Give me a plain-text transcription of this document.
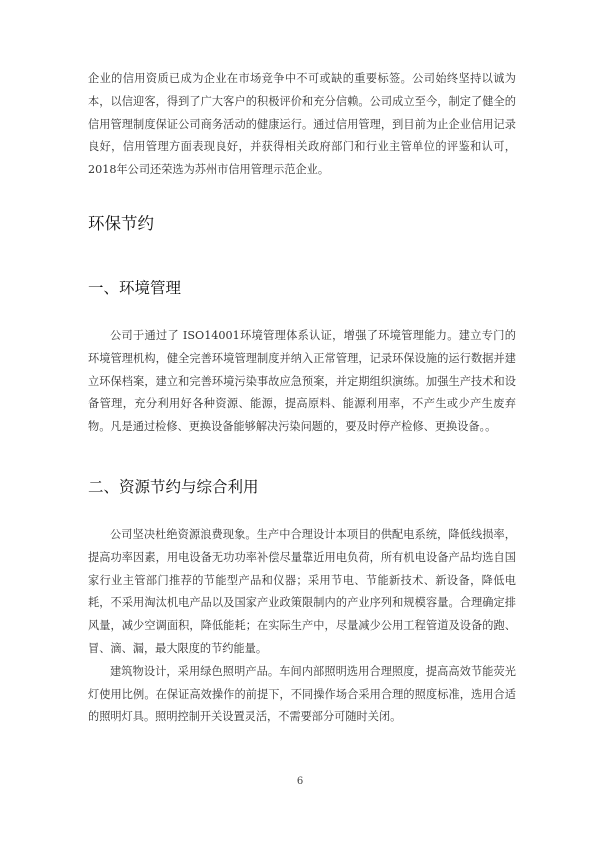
企业的信用资质已成为企业在市场竞争中不可或缺的重要标签。公司始终坚持以诚为本，以信迎客，得到了广大客户的积极评价和充分信赖。公司成立至今，制定了健全的信用管理制度保证公司商务活动的健康运行。通过信用管理，到目前为止企业信用记录良好，信用管理方面表现良好，并获得相关政府部门和行业主管单位的评鉴和认可，2018年公司还荣选为苏州市信用管理示范企业。

环保节约
一、环境管理

公司于通过了 ISO14001环境管理体系认证，增强了环境管理能力。建立专门的环境管理机构，健全完善环境管理制度并纳入正常管理，记录环保设施的运行数据并建立环保档案，建立和完善环境污染事故应急预案，并定期组织演练。加强生产技术和设备管理，充分利用好各种资源、能源，提高原料、能源利用率，不产生或少产生废弃物。凡是通过检修、更换设备能够解决污染问题的，要及时停产检修、更换设备。。

二、资源节约与综合利用

公司坚决杜绝资源浪费现象。生产中合理设计本项目的供配电系统，降低线损率，提高功率因素，用电设备无功功率补偿尽量靠近用电负荷，所有机电设备产品均选自国家行业主管部门推荐的节能型产品和仪器；采用节电、节能新技术、新设备，降低电耗，不采用淘汰机电产品以及国家产业政策限制内的产业序列和规模容量。合理确定排风量，减少空调面积，降低能耗；在实际生产中，尽量减少公用工程管道及设备的跑、冒、滴、漏，最大限度的节约能量。

建筑物设计，采用绿色照明产品。车间内部照明选用合理照度，提高高效节能荧光灯使用比例。在保证高效操作的前提下，不同操作场合采用合理的照度标准，选用合适的照明灯具。照明控制开关设置灵活，不需要部分可随时关闭。

6
